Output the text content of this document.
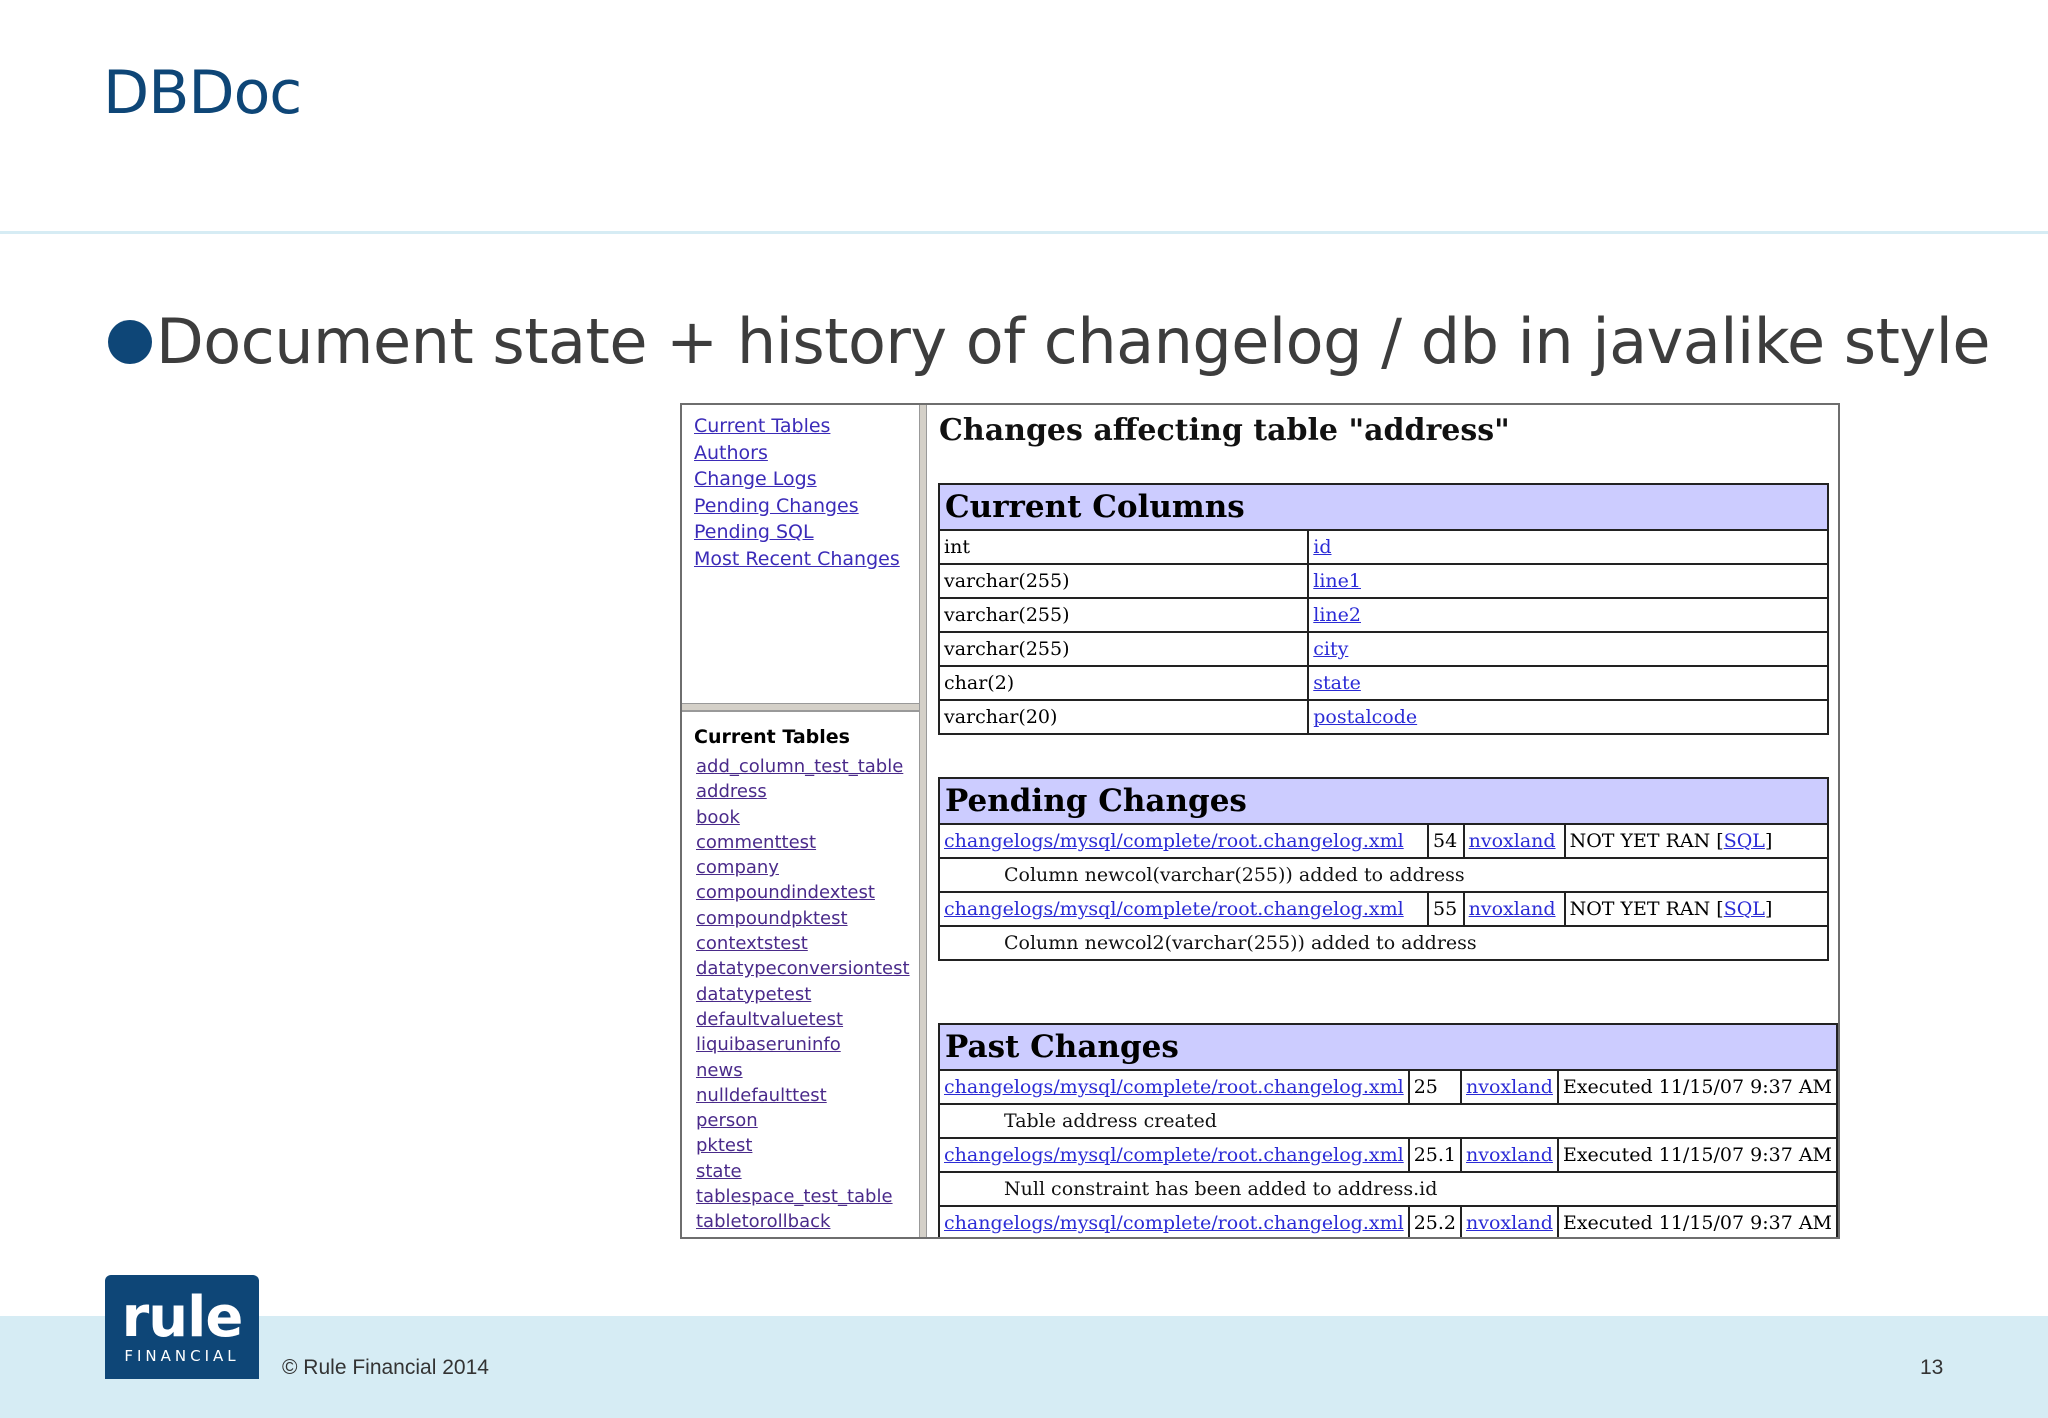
DBDoc
Document state + history of changelog / db in javalike style
Current Tables
Authors
Change Logs
Pending Changes
Pending SQL
Most Recent Changes
Current Tables
add_column_test_table
address
book
commenttest
company
compoundindextest
compoundpktest
contextstest
datatypeconversiontest
datatypetest
defaultvaluetest
liquibaseruninfo
news
nulldefaulttest
person
pktest
state
tablespace_test_table
tabletorollback
Changes affecting table "address"
Current Columns	
int	id
varchar(255)	line1
varchar(255)	line2
varchar(255)	city
char(2)	state
varchar(20)	postalcode
Pending Changes			
changelogs/mysql/complete/root.changelog.xml	54	nvoxland	NOT YET RAN [SQL]
Column newcol(varchar(255)) added to address			
changelogs/mysql/complete/root.changelog.xml	55	nvoxland	NOT YET RAN [SQL]
Column newcol2(varchar(255)) added to address			
Past Changes			
changelogs/mysql/complete/root.changelog.xml	25	nvoxland	Executed 11/15/07 9:37 AM
Table address created			
changelogs/mysql/complete/root.changelog.xml	25.1	nvoxland	Executed 11/15/07 9:37 AM
Null constraint has been added to address.id			
changelogs/mysql/complete/root.changelog.xml	25.2	nvoxland	Executed 11/15/07 9:37 AM
rule
FINANCIAL	© Rule Financial 2014	13
